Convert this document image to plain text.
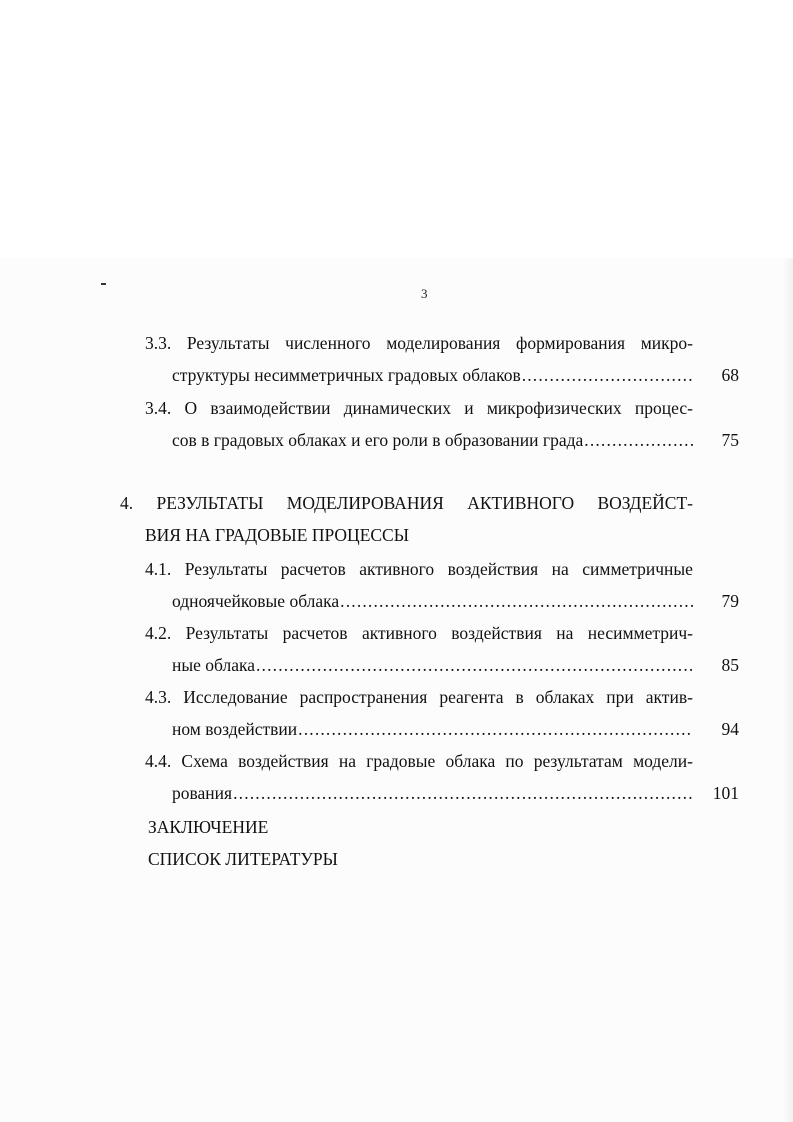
3
3.3. Результаты численного моделирования формирования микро-
структуры несимметричных градовых облаков . . .	68
3.4. О взаимодействии динамических и микрофизических процес-
сов в градовых облаках и его роли в образовании града . . .	75
4. РЕЗУЛЬТАТЫ МОДЕЛИРОВАНИЯ АКТИВНОГО ВОЗДЕЙСТ-
ВИЯ НА ГРАДОВЫЕ ПРОЦЕССЫ
4.1. Результаты расчетов активного воздействия на симметричные
одноячейковые облака . . .	79
4.2. Результаты расчетов активного воздействия на несимметрич-
ные облака . . .	85
4.3. Исследование распространения реагента в облаках при актив-
ном воздействии . . .	94
4.4. Схема воздействия на градовые облака по результатам модели-
рования . . .	101
ЗАКЛЮЧЕНИЕ
СПИСОК ЛИТЕРАТУРЫ
